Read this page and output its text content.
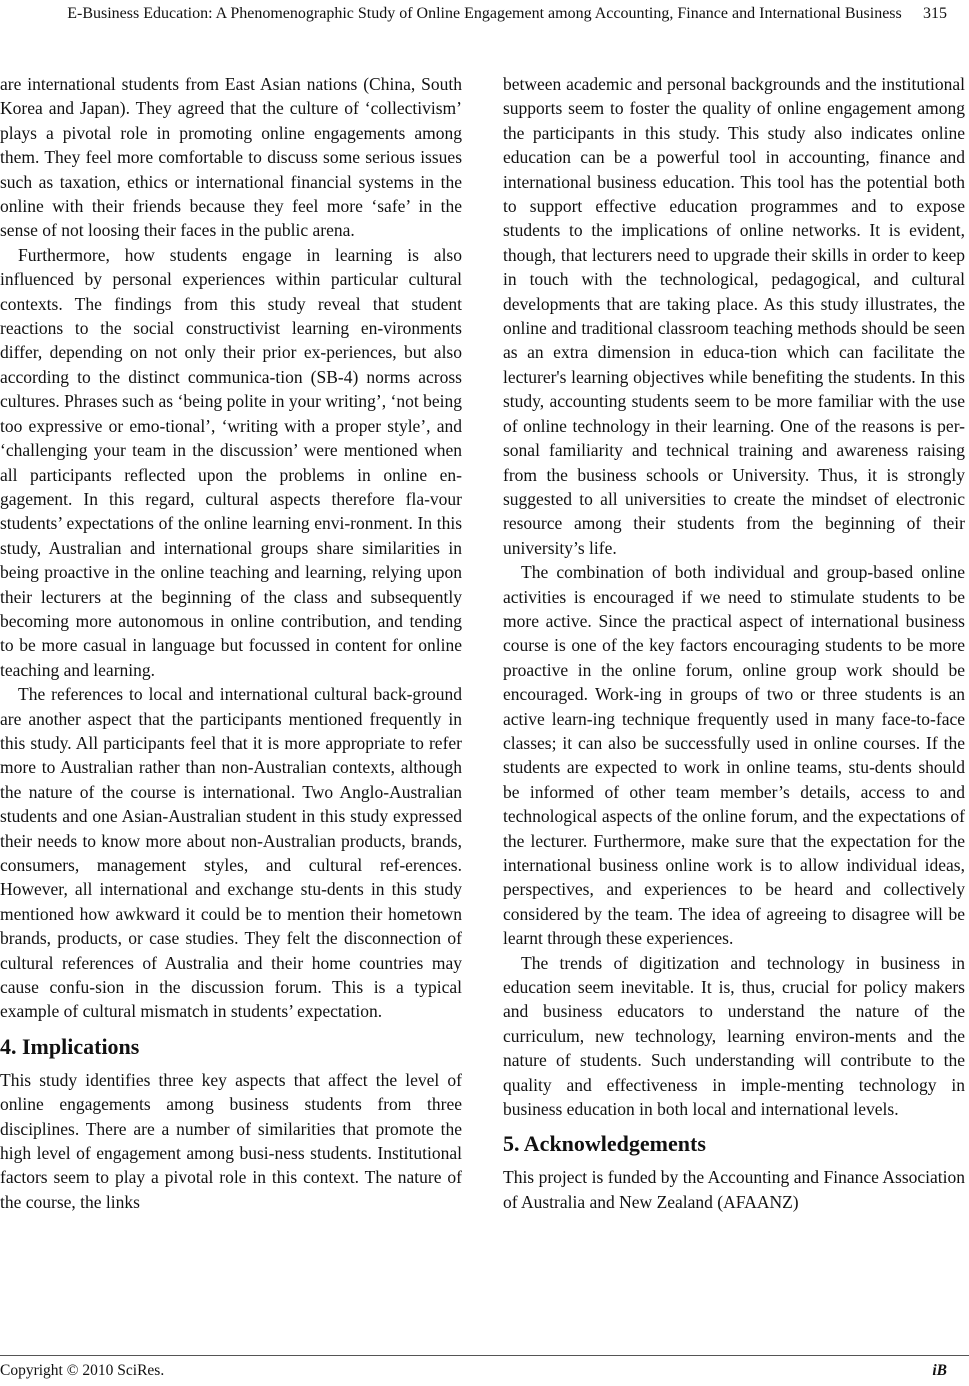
E-Business Education: A Phenomenographic Study of Online Engagement among Accounting, Finance and International Business	315

are international students from East Asian nations (China, South Korea and Japan). They agreed that the culture of ‘collectivism’ plays a pivotal role in promoting online engagements among them. They feel more comfortable to discuss some serious issues such as taxation, ethics or international financial systems in the online with their friends because they feel more ‘safe’ in the sense of not loosing their faces in the public arena.

Furthermore, how students engage in learning is also influenced by personal experiences within particular cultural contexts. The findings from this study reveal that student reactions to the social constructivist learning en-vironments differ, depending on not only their prior ex-periences, but also according to the distinct communica-tion (SB-4) norms across cultures. Phrases such as ‘being polite in your writing’, ‘not being too expressive or emo-tional’, ‘writing with a proper style’, and ‘challenging your team in the discussion’ were mentioned when all participants reflected upon the problems in online en-gagement. In this regard, cultural aspects therefore fla-vour students’ expectations of the online learning envi-ronment. In this study, Australian and international groups share similarities in being proactive in the online teaching and learning, relying upon their lecturers at the beginning of the class and subsequently becoming more autonomous in online contribution, and tending to be more casual in language but focussed in content for online teaching and learning.

The references to local and international cultural back-ground are another aspect that the participants mentioned frequently in this study. All participants feel that it is more appropriate to refer more to Australian rather than non-Australian contexts, although the nature of the course is international. Two Anglo-Australian students and one Asian-Australian student in this study expressed their needs to know more about non-Australian products, brands, consumers, management styles, and cultural ref-erences. However, all international and exchange stu-dents in this study mentioned how awkward it could be to mention their hometown brands, products, or case studies. They felt the disconnection of cultural references of Australia and their home countries may cause confu-sion in the discussion forum. This is a typical example of cultural mismatch in students’ expectation.

4. Implications

This study identifies three key aspects that affect the level of online engagements among business students from three disciplines. There are a number of similarities that promote the high level of engagement among busi-ness students. Institutional factors seem to play a pivotal role in this context. The nature of the course, the links

between academic and personal backgrounds and the institutional supports seem to foster the quality of online engagement among the participants in this study. This study also indicates online education can be a powerful tool in accounting, finance and international business education. This tool has the potential both to support effective education programmes and to expose students to the implications of online networks. It is evident, though, that lecturers need to upgrade their skills in order to keep in touch with the technological, pedagogical, and cultural developments that are taking place. As this study illustrates, the online and traditional classroom teaching methods should be seen as an extra dimension in educa-tion which can facilitate the lecturer's learning objectives while benefiting the students. In this study, accounting students seem to be more familiar with the use of online technology in their learning. One of the reasons is per-sonal familiarity and technical training and awareness raising from the business schools or University. Thus, it is strongly suggested to all universities to create the mindset of electronic resource among their students from the beginning of their university’s life.

The combination of both individual and group-based online activities is encouraged if we need to stimulate students to be more active. Since the practical aspect of international business course is one of the key factors encouraging students to be more proactive in the online forum, online group work should be encouraged. Work-ing in groups of two or three students is an active learn-ing technique frequently used in many face-to-face classes; it can also be successfully used in online courses. If the students are expected to work in online teams, stu-dents should be informed of other team member’s details, access to and technological aspects of the online forum, and the expectations of the lecturer. Furthermore, make sure that the expectation for the international business online work is to allow individual ideas, perspectives, and experiences to be heard and collectively considered by the team. The idea of agreeing to disagree will be learnt through these experiences.

The trends of digitization and technology in business in education seem inevitable. It is, thus, crucial for policy makers and business educators to understand the nature of the curriculum, new technology, learning environ-ments and the nature of students. Such understanding will contribute to the quality and effectiveness in imple-menting technology in business education in both local and international levels.

5. Acknowledgements

This project is funded by the Accounting and Finance Association of Australia and New Zealand (AFAANZ)

Copyright © 2010 SciRes.	iB
